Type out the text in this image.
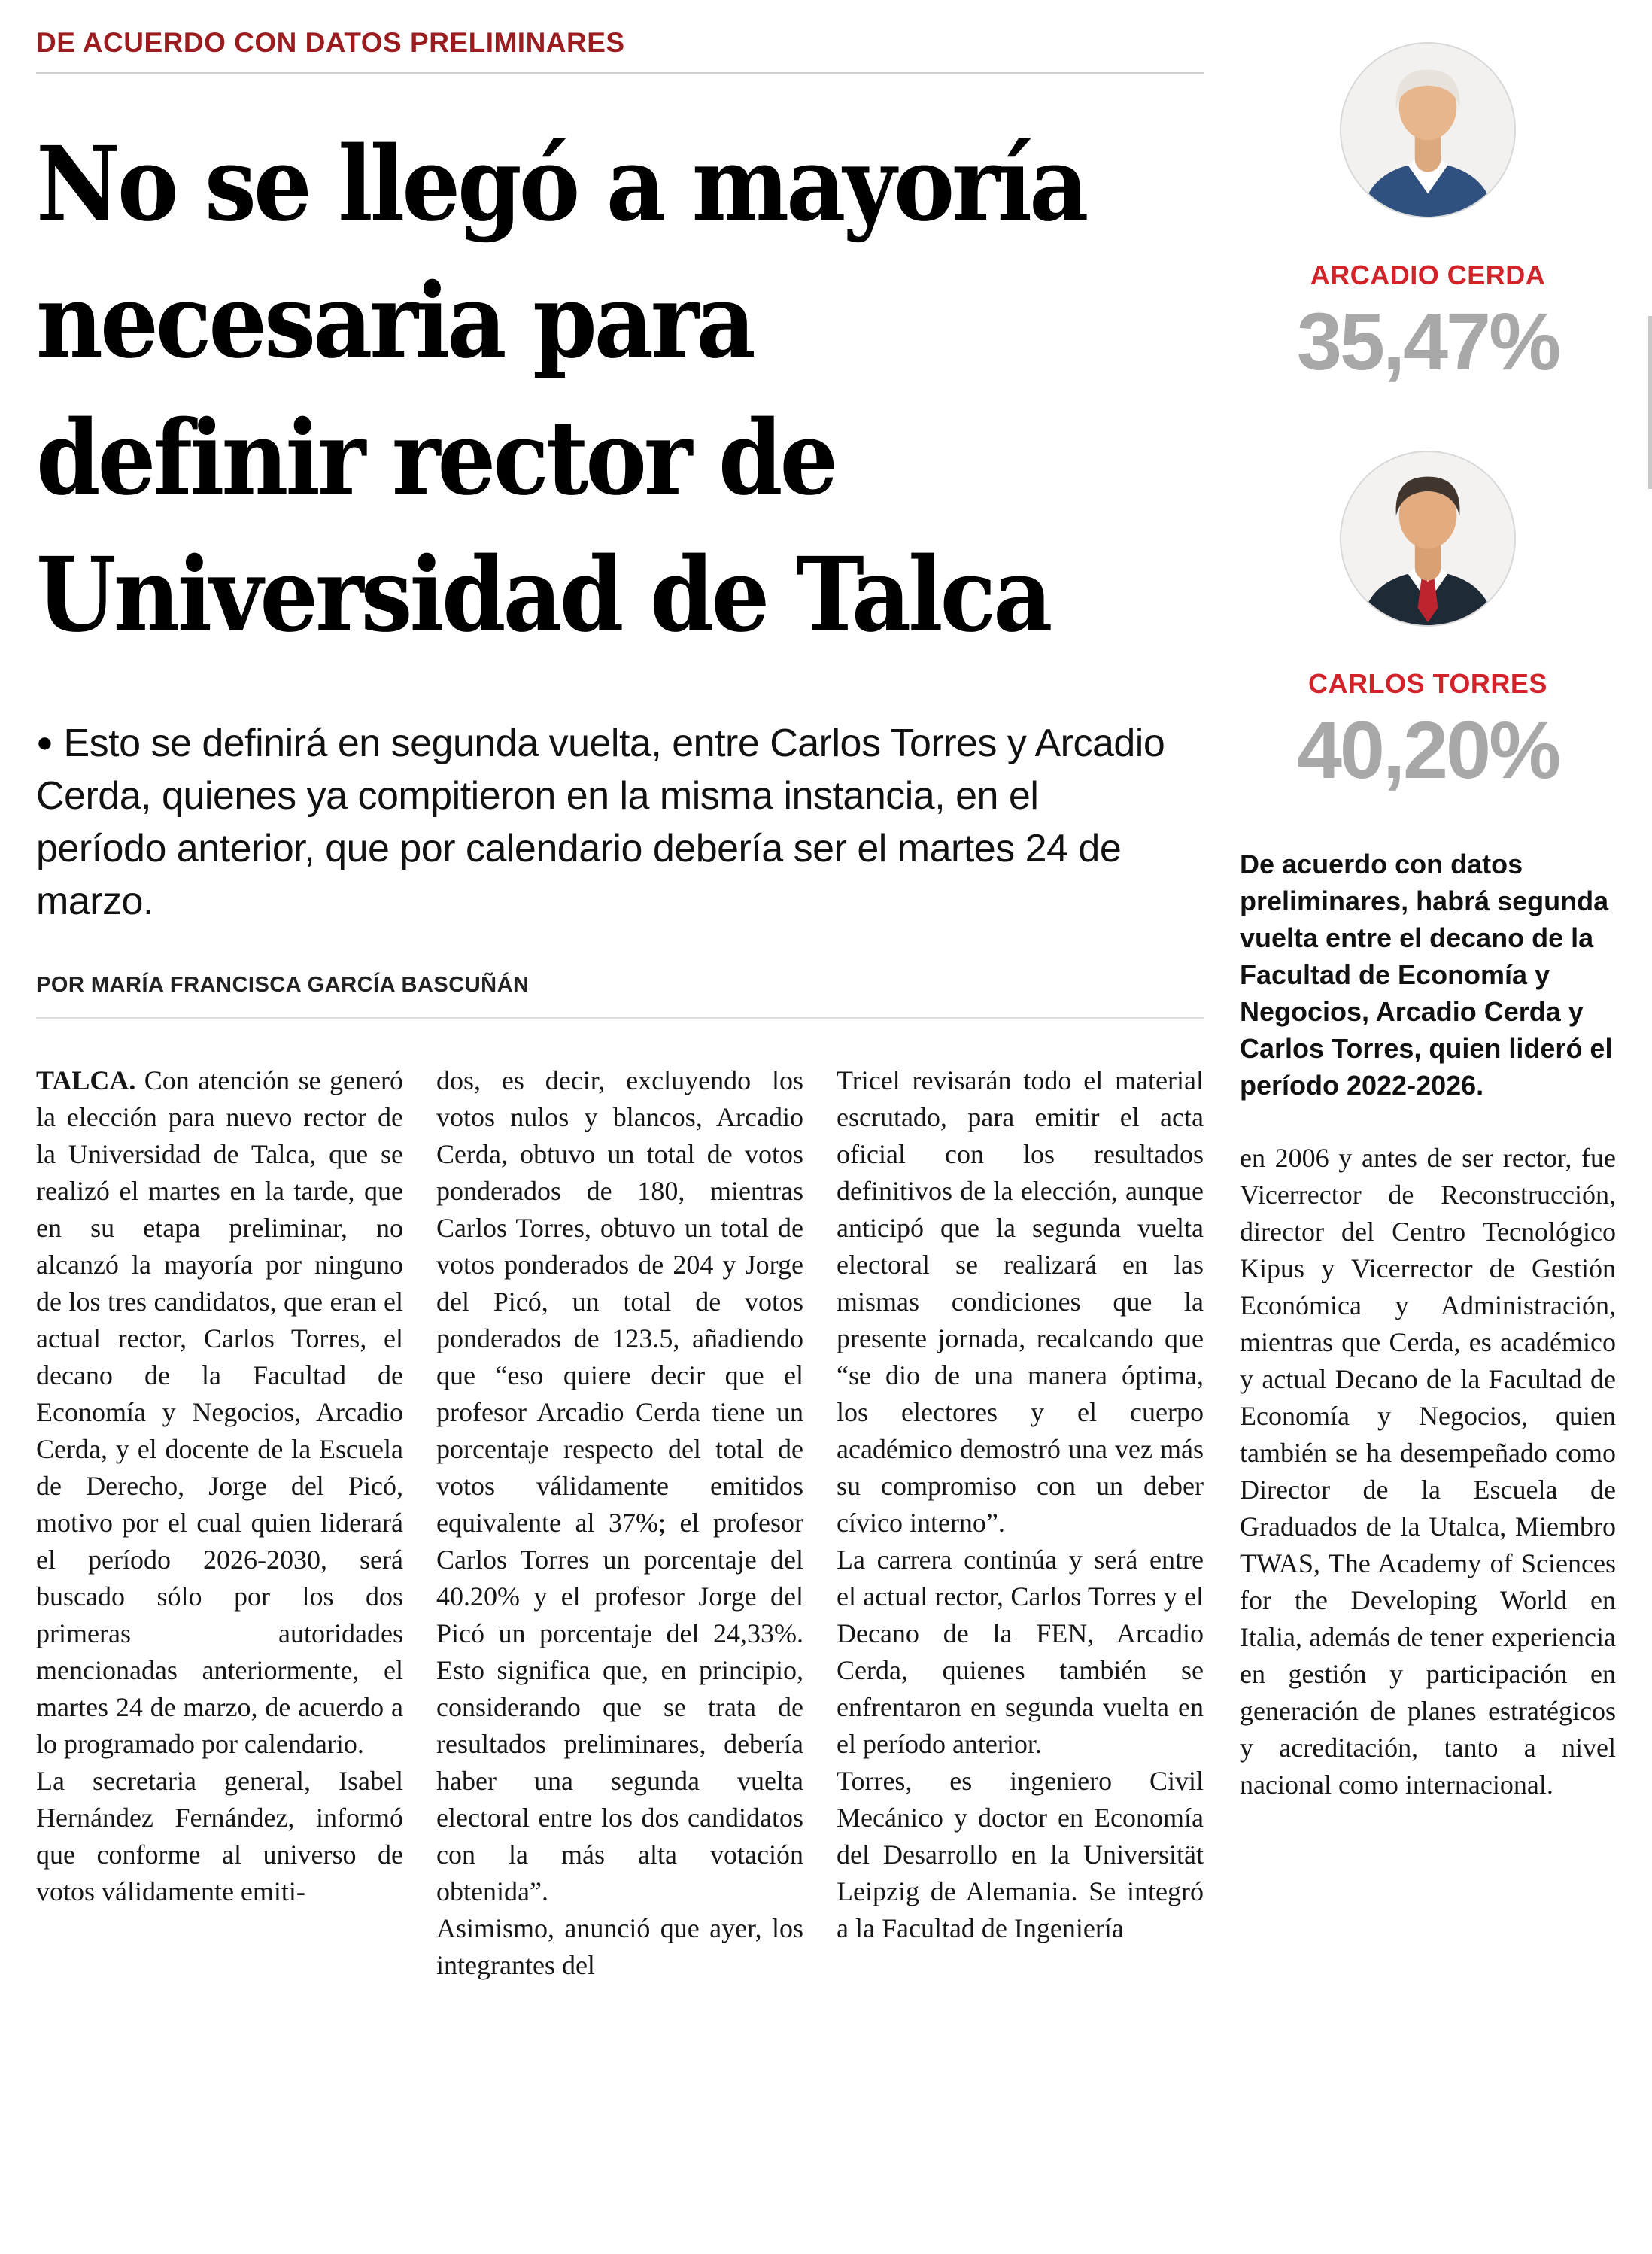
DE ACUERDO CON DATOS PRELIMINARES
No se llegó a mayoría
necesaria para
definir rector de
Universidad de Talca

● Esto se definirá en segunda vuelta, entre Carlos Torres y Arcadio Cerda, quienes ya compitieron en la misma instancia, en el período anterior, que por calendario debería ser el martes 24 de marzo.

POR MARÍA FRANCISCA GARCÍA BASCUÑÁN

TALCA. Con atención se generó la elección para nuevo rector de la Universidad de Talca, que se realizó el martes en la tarde, que en su etapa preliminar, no alcanzó la mayoría por ninguno de los tres candidatos, que eran el actual rector, Carlos Torres, el decano de la Facultad de Economía y Negocios, Arcadio Cerda, y el docente de la Escuela de Derecho, Jorge del Picó, motivo por el cual quien liderará el período 2026-2030, será buscado sólo por los dos primeras autoridades mencionadas anteriormente, el martes 24 de marzo, de acuerdo a lo programado por calendario.

La secretaria general, Isabel Hernández Fernández, informó que conforme al universo de votos válidamente emiti-

dos, es decir, excluyendo los votos nulos y blancos, Arcadio Cerda, obtuvo un total de votos ponderados de 180, mientras Carlos Torres, obtuvo un total de votos ponderados de 204 y Jorge del Picó, un total de votos ponderados de 123.5, añadiendo que “eso quiere decir que el profesor Arcadio Cerda tiene un porcentaje respecto del total de votos válidamente emitidos equivalente al 37%; el profesor Carlos Torres un porcentaje del 40.20% y el profesor Jorge del Picó un porcentaje del 24,33%. Esto significa que, en principio, considerando que se trata de resultados preliminares, debería haber una segunda vuelta electoral entre los dos candidatos con la más alta votación obtenida”.

Asimismo, anunció que ayer, los integrantes del

Tricel revisarán todo el material escrutado, para emitir el acta oficial con los resultados definitivos de la elección, aunque anticipó que la segunda vuelta electoral se realizará en las mismas condiciones que la presente jornada, recalcando que “se dio de una manera óptima, los electores y el cuerpo académico demostró una vez más su compromiso con un deber cívico interno”.

La carrera continúa y será entre el actual rector, Carlos Torres y el Decano de la FEN, Arcadio Cerda, quienes también se enfrentaron en segunda vuelta en el período anterior.

Torres, es ingeniero Civil Mecánico y doctor en Economía del Desarrollo en la Universität Leipzig de Alemania. Se integró a la Facultad de Ingeniería

ARCADIO CERDA
35,47%
CARLOS TORRES
40,20%

De acuerdo con datos preliminares, habrá segunda vuelta entre el decano de la Facultad de Economía y Negocios, Arcadio Cerda y Carlos Torres, quien lideró el período 2022-2026.

en 2006 y antes de ser rector, fue Vicerrector de Reconstrucción, director del Centro Tecnológico Kipus y Vicerrector de Gestión Económica y Administración, mientras que Cerda, es académico y actual Decano de la Facultad de Economía y Negocios, quien también se ha desempeñado como Director de la Escuela de Graduados de la Utalca, Miembro TWAS, The Academy of Sciences for the Developing World en Italia, además de tener experiencia en gestión y participación en generación de planes estratégicos y acreditación, tanto a nivel nacional como internacional.
